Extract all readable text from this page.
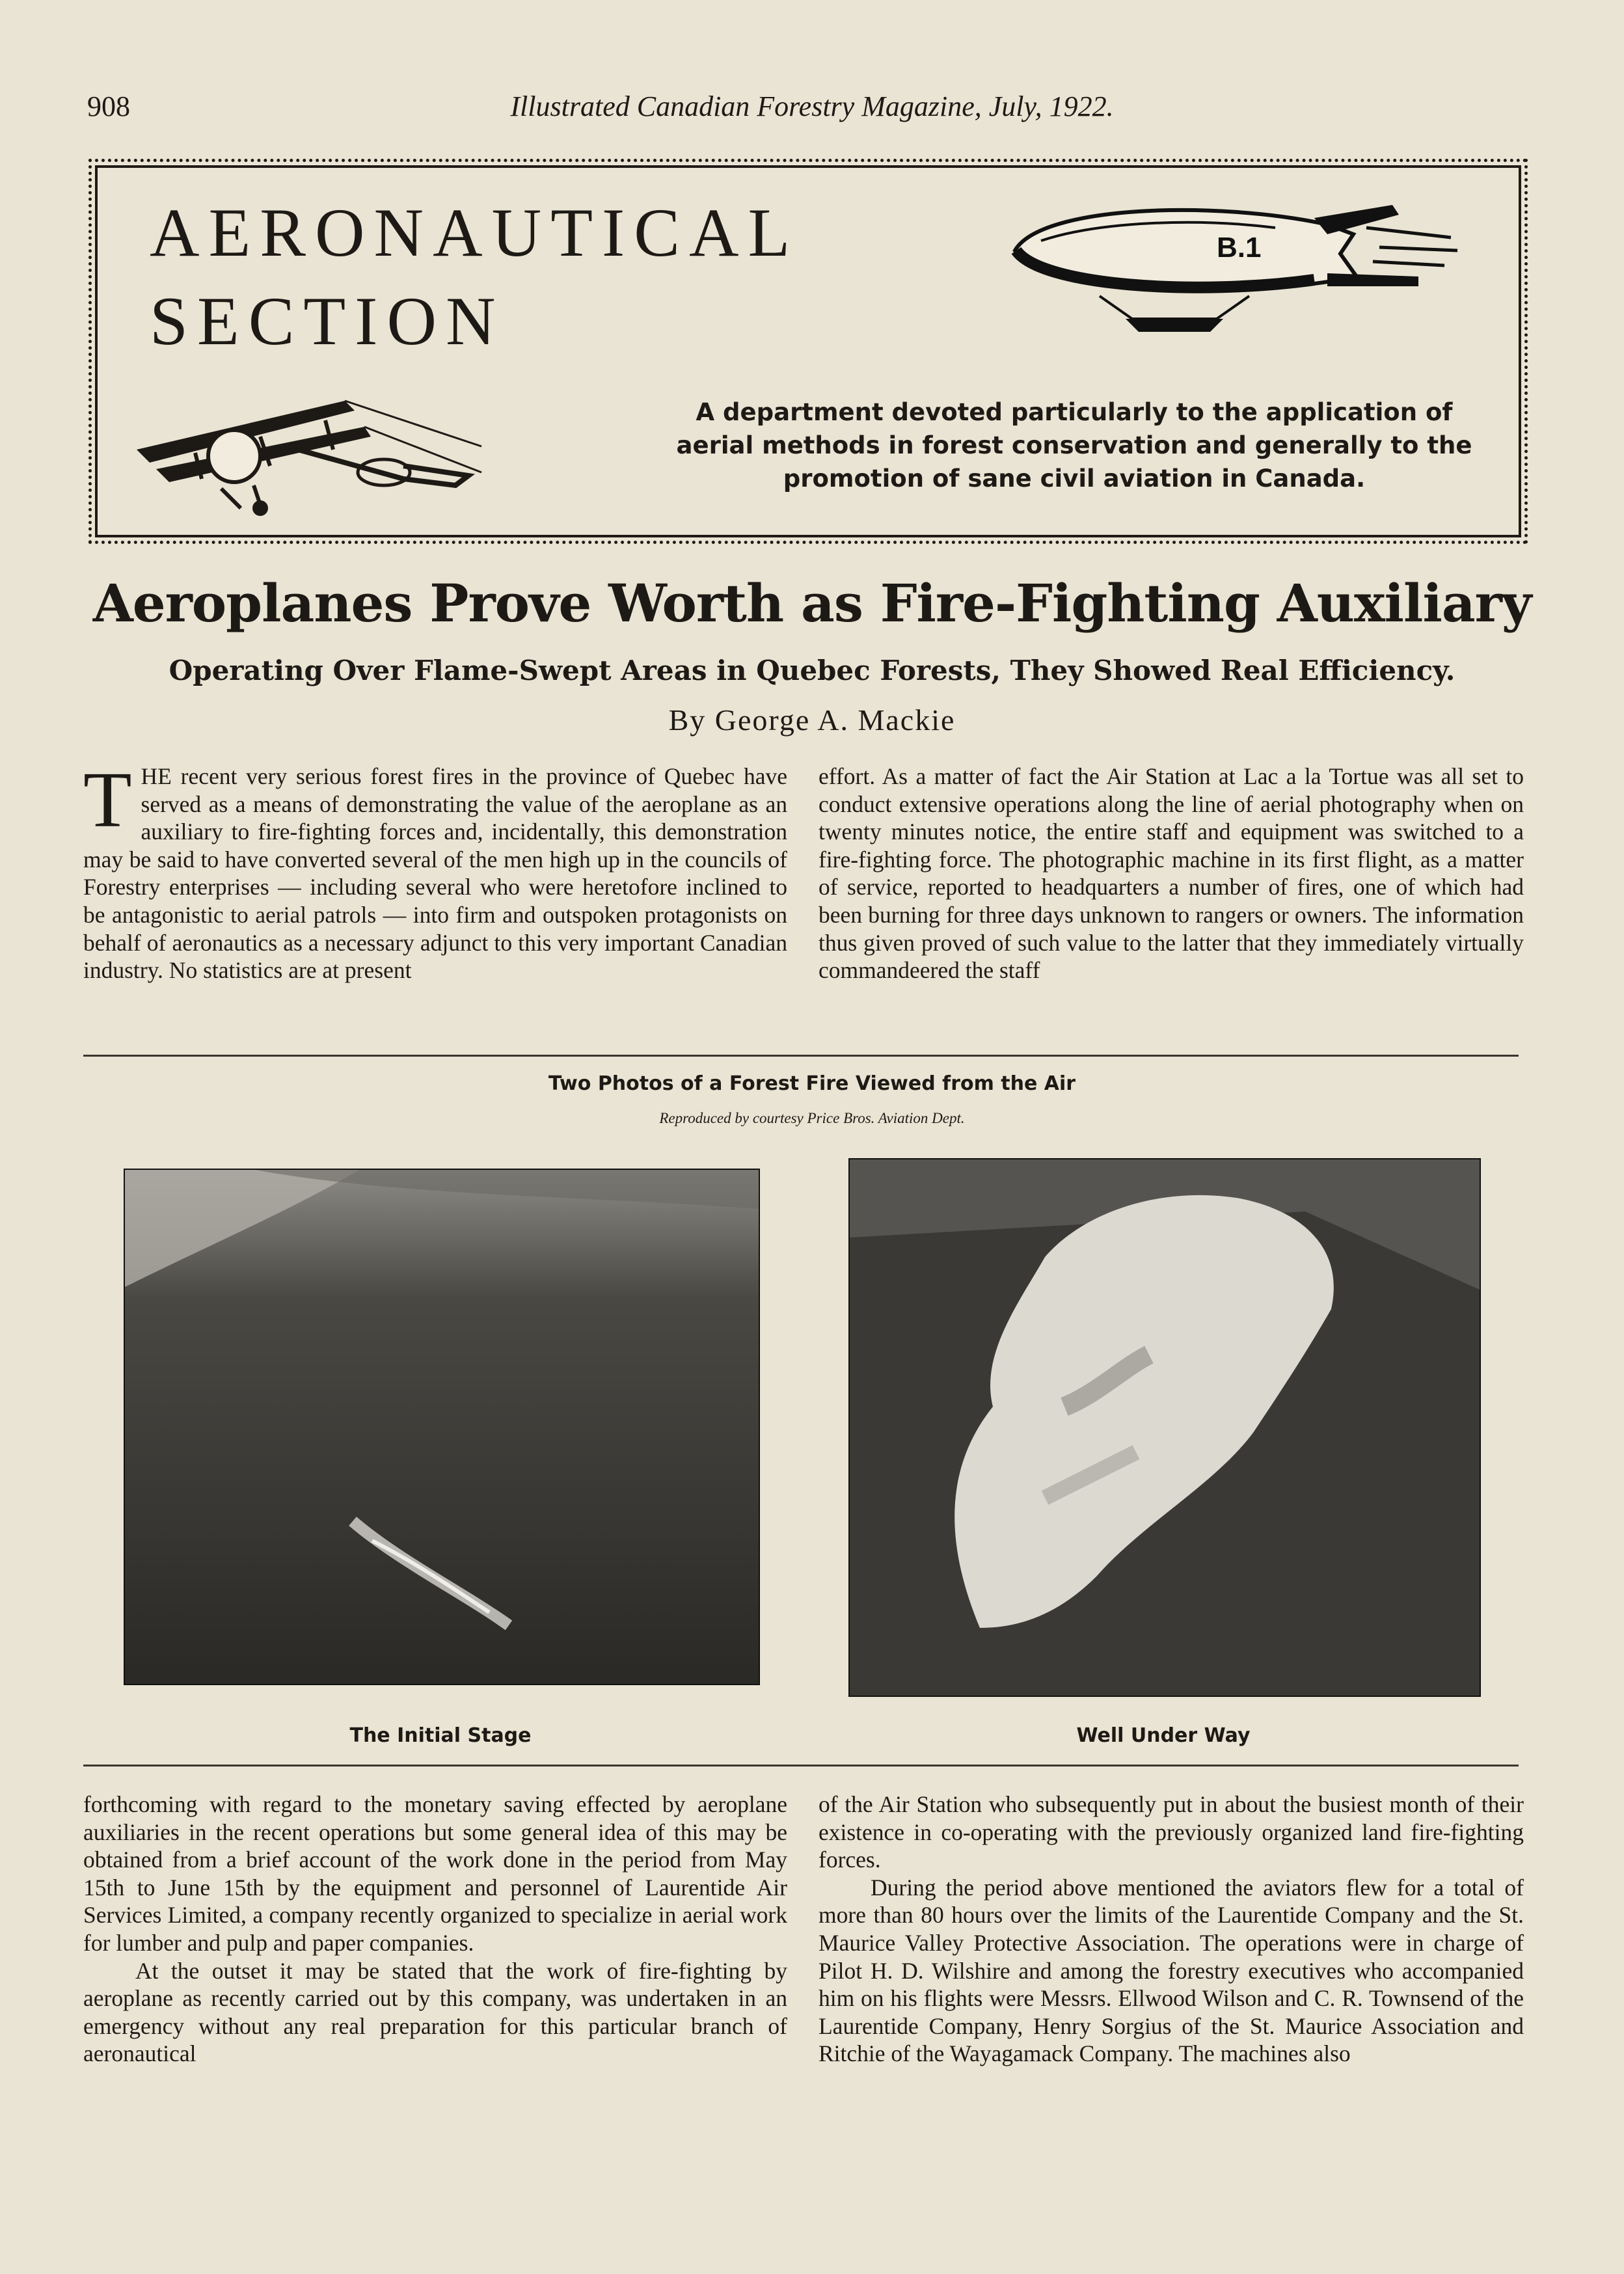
908	Illustrated Canadian Forestry Magazine, July, 1922.
AERONAUTICAL
SECTION
B.1
A department devoted particularly to the application of aerial methods in forest conservation and generally to the promotion of sane civil aviation in Canada.
Aeroplanes Prove Worth as Fire-Fighting Auxiliary
Operating Over Flame-Swept Areas in Quebec Forests, They Showed Real Efficiency.
By George A. Mackie
T HE recent very serious forest fires in the province of Quebec have served as a means of demonstrating the value of the aeroplane as an auxiliary to fire-fighting forces and, incidentally, this demonstration may be said to have converted several of the men high up in the councils of Forestry enterprises — including several who were heretofore inclined to be antagonistic to aerial patrols — into firm and outspoken protagonists on behalf of aeronautics as a necessary adjunct to this very important Canadian industry. No statistics are at present

effort. As a matter of fact the Air Station at Lac a la Tortue was all set to conduct extensive operations along the line of aerial photography when on twenty minutes notice, the entire staff and equipment was switched to a fire-fighting force. The photographic machine in its first flight, as a matter of service, reported to headquarters a number of fires, one of which had been burning for three days unknown to rangers or owners. The information thus given proved of such value to the latter that they immediately virtually commandeered the staff

Two Photos of a Forest Fire Viewed from the Air
Reproduced by courtesy Price Bros. Aviation Dept.
The Initial Stage	Well Under Way

forthcoming with regard to the monetary saving effected by aeroplane auxiliaries in the recent operations but some general idea of this may be obtained from a brief account of the work done in the period from May 15th to June 15th by the equipment and personnel of Laurentide Air Services Limited, a company recently organized to specialize in aerial work for lumber and pulp and paper companies.

At the outset it may be stated that the work of fire-fighting by aeroplane as recently carried out by this company, was undertaken in an emergency without any real preparation for this particular branch of aeronautical

of the Air Station who subsequently put in about the busiest month of their existence in co-operating with the previously organized land fire-fighting forces.

During the period above mentioned the aviators flew for a total of more than 80 hours over the limits of the Laurentide Company and the St. Maurice Valley Protective Association. The operations were in charge of Pilot H. D. Wilshire and among the forestry executives who accompanied him on his flights were Messrs. Ellwood Wilson and C. R. Townsend of the Laurentide Company, Henry Sorgius of the St. Maurice Association and Ritchie of the Wayagamack Company. The machines also
